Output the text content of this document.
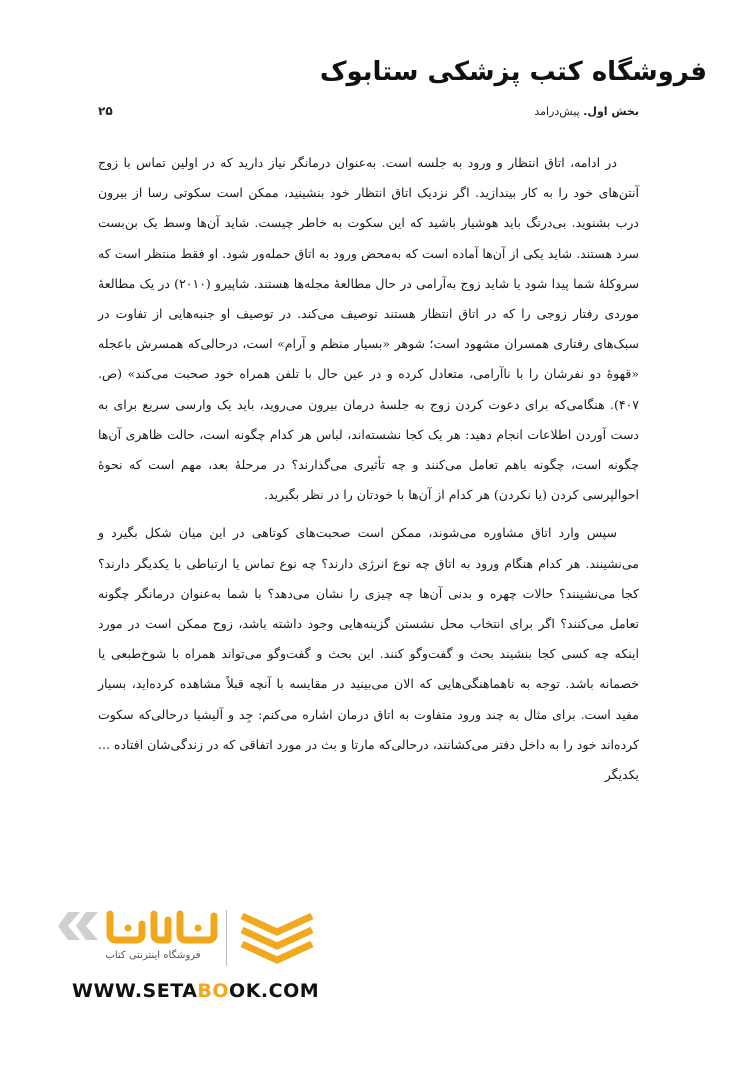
فروشگاه کتب پزشکی ستابوک
بخش اول. پیش‌درامد
۲۵

در ادامه، اتاق انتظار و ورود به جلسه است. به‌عنوان درمانگر نیاز دارید که در اولین تماس با زوج آنتن‌های خود را به کار بیندازید. اگر نزدیک اتاق انتظار خود بنشینید، ممکن است سکوتی رسا از بیرون درب بشنوید. بی‌درنگ باید هوشیار باشید که این سکوت به خاطر چیست. شاید آن‌ها وسط یک بن‌بست سرد هستند. شاید یکی از آن‌ها آماده است که به‌محض ورود به اتاق حمله‌ور شود. او فقط منتظر است که سرو‌کلهٔ شما پیدا شود یا شاید زوج به‌آرامی در حال مطالعهٔ مجله‌ها هستند. شاپیرو (۲۰۱۰) در یک مطالعهٔ موردی رفتار زوجی را که در اتاق انتظار هستند توصیف می‌کند. در توصیف او جنبه‌هایی از تفاوت در سبک‌های رفتاری همسران مشهود است؛ شوهر «بسیار منظم و آرام» است، درحالی‌که همسرش باعجله «قهوهٔ دو نفرشان را با ناآرامی، متعادل کرده و در عین حال با تلفن همراه خود صحبت می‌کند» (ص. ۴۰۷). هنگامی‌که برای دعوت کردن زوج به جلسهٔ درمان بیرون می‌روید، باید یک وارسی سریع برای به دست آوردن اطلاعات انجام دهید: هر یک کجا نشسته‌اند، لباس هر کدام چگونه است، حالت ظاهری آن‌ها چگونه است، چگونه باهم تعامل می‌کنند و چه تأثیری می‌گذارند؟ در مرحلهٔ بعد، مهم است که نحوهٔ احوالپرسی کردن (یا نکردن) هر کدام از آن‌ها با خودتان را در نظر بگیرید.

سپس وارد اتاق مشاوره می‌شوند، ممکن است صحبت‌های کوتاهی در این میان شکل بگیرد و می‌نشینند. هر کدام هنگام ورود به اتاق چه نوع انرژی دارند؟ چه نوع تماس یا ارتباطی با یکدیگر دارند؟ کجا می‌نشینند؟ حالات چهره و بدنی آن‌ها چه چیزی را نشان می‌دهد؟ با شما به‌عنوان درمانگر چگونه تعامل می‌کنند؟ اگر برای انتخاب محل نشستن گزینه‌هایی وجود داشته باشد، زوج ممکن است در مورد اینکه چه کسی کجا بنشیند بحث و گفت‌وگو کنند. این بحث و گفت‌وگو می‌تواند همراه با شوخ‌طبعی یا خصمانه باشد. توجه به ناهماهنگی‌هایی که الان می‌بینید در مقایسه با آنچه قبلاً مشاهده کرده‌اید، بسیار مفید است. برای مثال به چند ورود متفاوت به اتاق درمان اشاره می‌کنم: جِد و آلیشیا درحالی‌که سکوت کرده‌اند خود را به داخل دفتر می‌کشانند، درحالی‌که مارتا و بث در مورد اتفاقی که در زندگی‌شان افتاده ... یکدیگر

فروشگاه اینترنتی کتاب
WWW.SETABOOK.COM
